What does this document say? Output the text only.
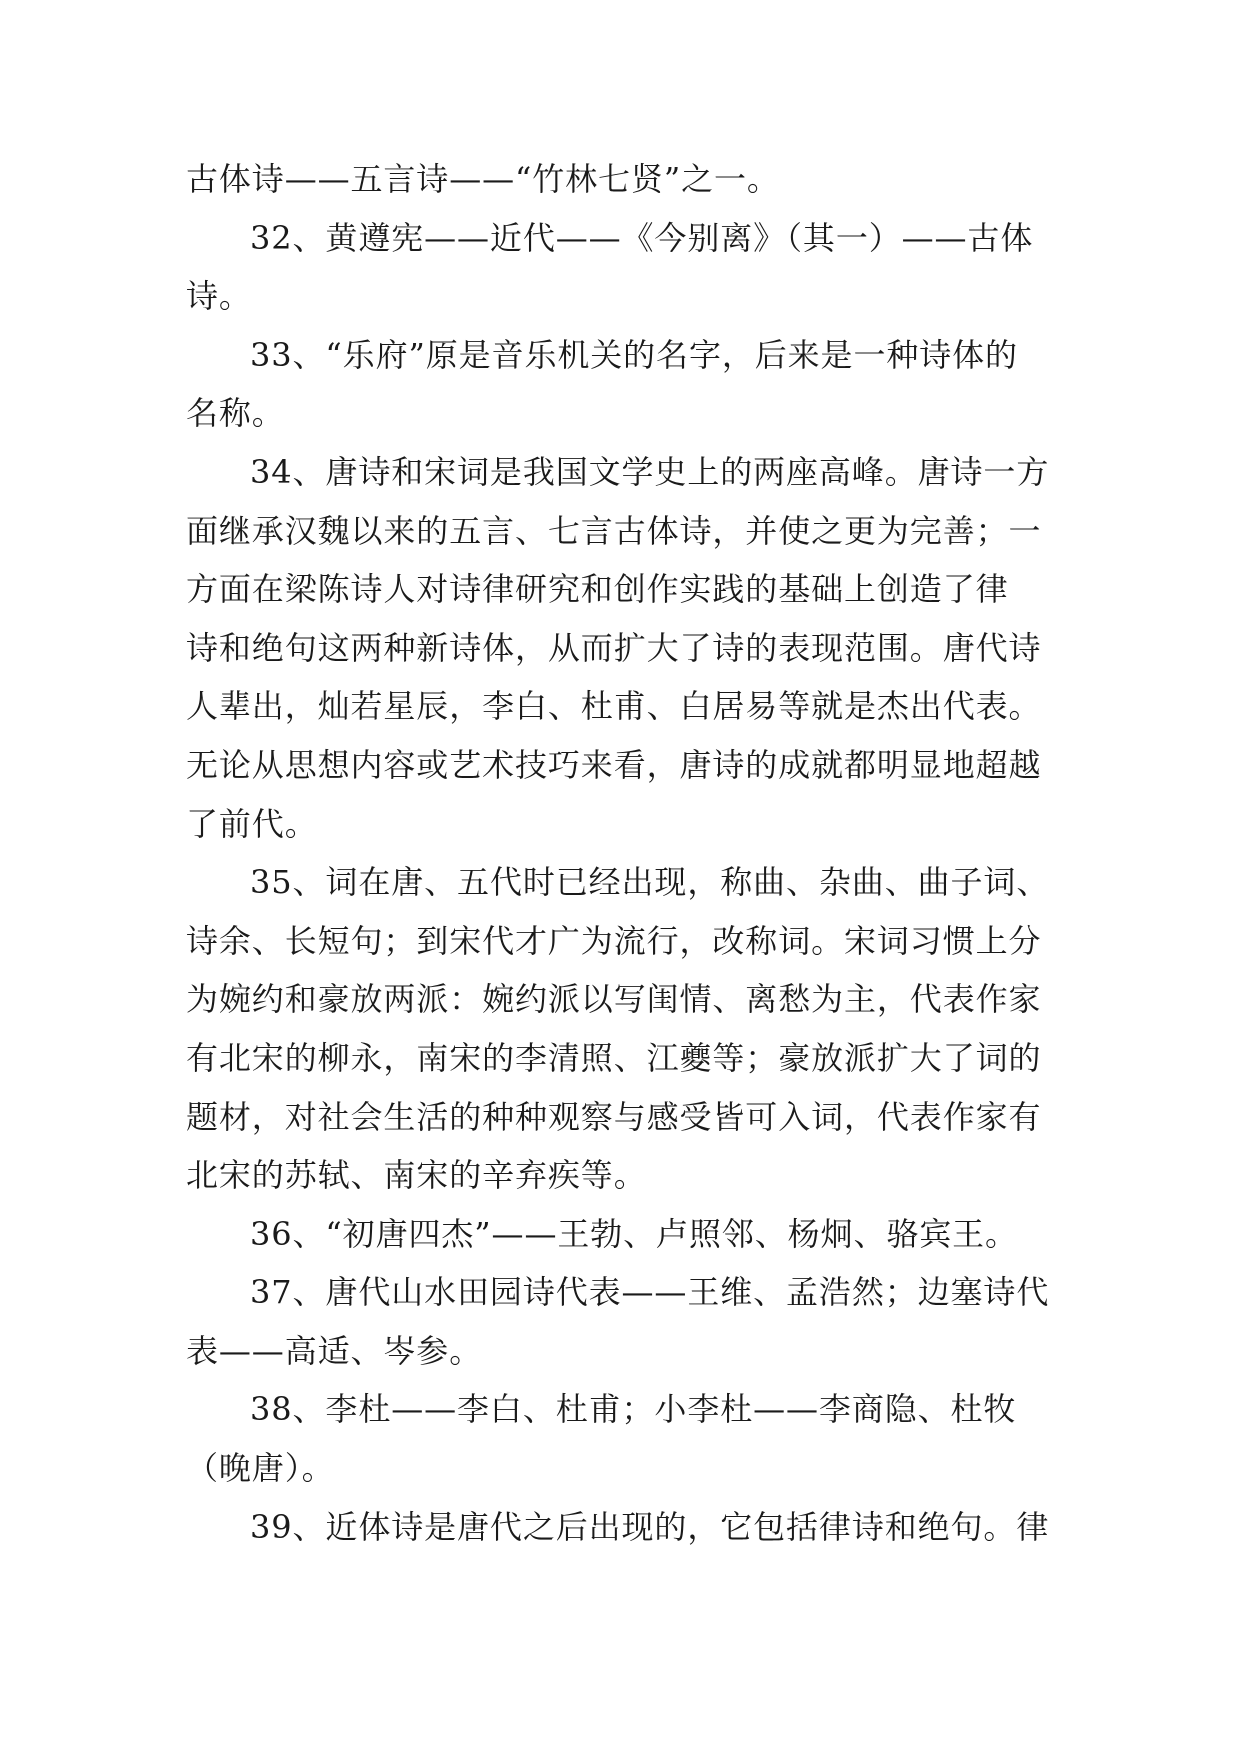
古体诗——五言诗——“竹林七贤”之一。
32、黄遵宪——近代——《今别离》（其一）——古体
诗。
33、“乐府”原是音乐机关的名字，后来是一种诗体的
名称。
34、唐诗和宋词是我国文学史上的两座高峰。唐诗一方
面继承汉魏以来的五言、七言古体诗，并使之更为完善；一
方面在梁陈诗人对诗律研究和创作实践的基础上创造了律
诗和绝句这两种新诗体，从而扩大了诗的表现范围。唐代诗
人辈出，灿若星辰，李白、杜甫、白居易等就是杰出代表。
无论从思想内容或艺术技巧来看，唐诗的成就都明显地超越
了前代。
35、词在唐、五代时已经出现，称曲、杂曲、曲子词、
诗余、长短句；到宋代才广为流行，改称词。宋词习惯上分
为婉约和豪放两派：婉约派以写闺情、离愁为主，代表作家
有北宋的柳永，南宋的李清照、江夔等；豪放派扩大了词的
题材，对社会生活的种种观察与感受皆可入词，代表作家有
北宋的苏轼、南宋的辛弃疾等。
36、“初唐四杰”——王勃、卢照邻、杨炯、骆宾王。
37、唐代山水田园诗代表——王维、孟浩然；边塞诗代
表——高适、岑参。
38、李杜——李白、杜甫；小李杜——李商隐、杜牧
（晚唐）。
39、近体诗是唐代之后出现的，它包括律诗和绝句。律
